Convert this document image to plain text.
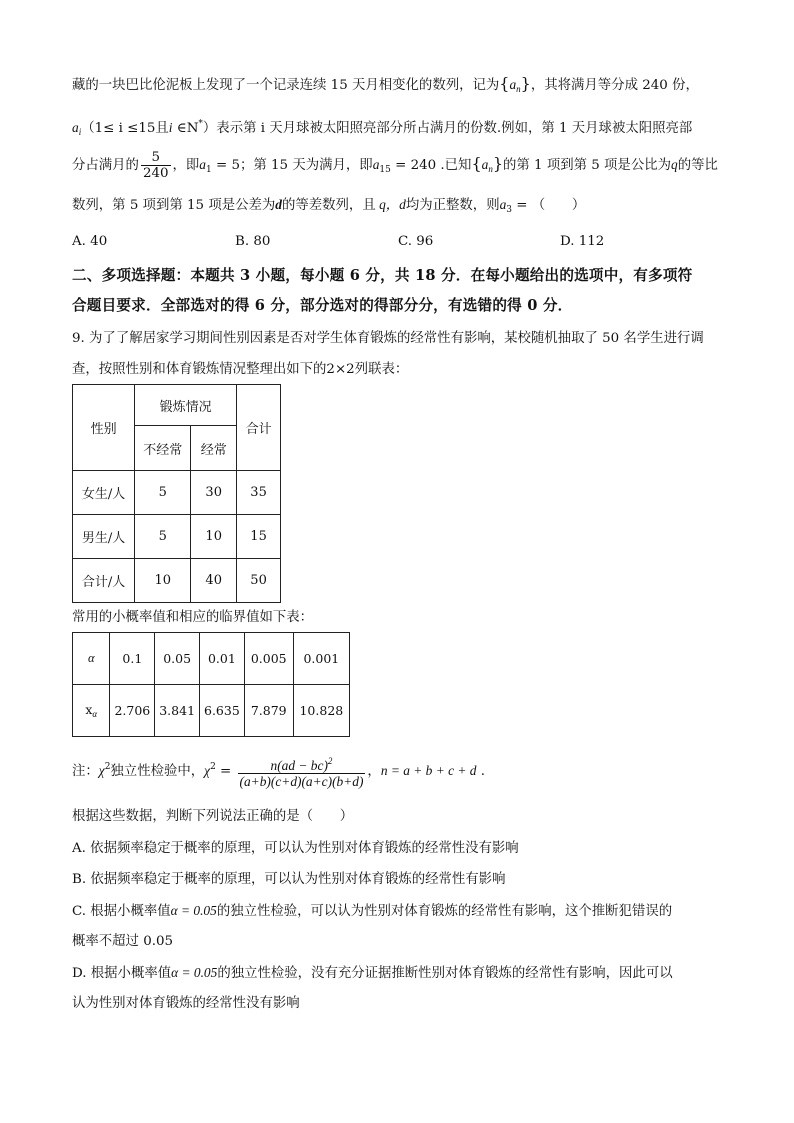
藏的一块巴比伦泥板上发现了一个记录连续 15 天月相变化的数列，记为$\{a_n\}$，其将满月等分成 240 份，
$a_i(1\le i \le 15$且i ∈N*）表示第 i 天月球被太阳照亮部分所占满月的份数.例如，第 1 天月球被太阳照亮部
分占满月的 $\frac{5}{240}$ ，即$a_1 = 5$；第 15 天为满月，即$a_{15} = 240$ .已知$\{a_n\}$的第 1 项到第 5 项是公比为q的等比
数列，第 5 项到第 15 项是公差为d的等差数列，且 q，d均为正整数，则$a_3$ = （　　）
A. 40	B. 80	C. 96	D. 112
二、多项选择题：本题共 3 小题，每小题 6 分，共 18 分．在每小题给出的选项中，有多项符
合题目要求．全部选对的得 6 分，部分选对的得部分分，有选错的得 0 分．
9. 为了了解居家学习期间性别因素是否对学生体育锻炼的经常性有影响，某校随机抽取了 50 名学生进行调
查，按照性别和体育锻炼情况整理出如下的2×2列联表：
性别	锻炼情况		合计
	不经常	经常	
女生/人	5	30	35
男生/人	5	10	15
合计/人	10	40	50
常用的小概率值和相应的临界值如下表：
α	0.1	0.05	0.01	0.005	0.001
$x_\alpha$	2.706	3.841	6.635	7.879	10.828
注：$\chi^2$独立性检验中，$\chi^2 = \frac{n(ad - bc)^2}{(a+b)(c+d)(a+c)(b+d)}$ ，n = a + b + c + d .
根据这些数据，判断下列说法正确的是（　　）
A. 依据频率稳定于概率的原理，可以认为性别对体育锻炼的经常性没有影响
B. 依据频率稳定于概率的原理，可以认为性别对体育锻炼的经常性有影响
C. 根据小概率值α = 0.05的独立性检验，可以认为性别对体育锻炼的经常性有影响，这个推断犯错误的
概率不超过 0.05
D. 根据小概率值α = 0.05的独立性检验，没有充分证据推断性别对体育锻炼的经常性有影响，因此可以
认为性别对体育锻炼的经常性没有影响
